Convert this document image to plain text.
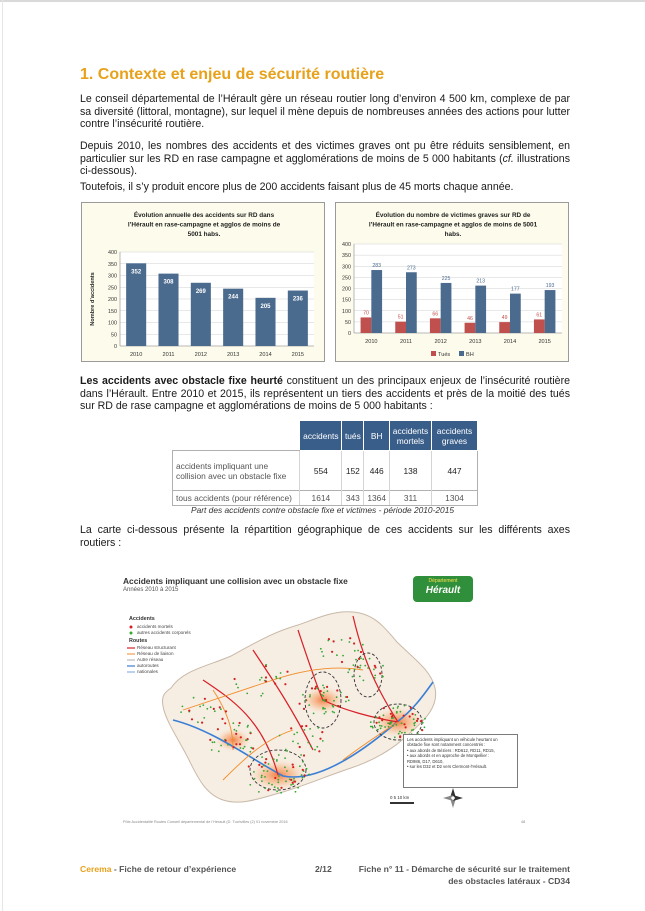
1. Contexte et enjeu de sécurité routière

Le conseil départemental de l’Hérault gère un réseau routier long d’environ 4 500 km, complexe de par sa diversité (littoral, montagne), sur lequel il mène depuis de nombreuses années des actions pour lutter contre l’insécurité routière.

Depuis 2010, les nombres des accidents et des victimes graves ont pu être réduits sensiblement, en particulier sur les RD en rase campagne et agglomérations de moins de 5 000 habitants (cf. illustrations ci-dessous).

Toutefois, il s’y produit encore plus de 200 accidents faisant plus de 45 morts chaque année.

Évolution annuelle des accidents sur RD dans
l’Hérault en rase-campagne et agglos de moins de
5001 habs.
0
50
100
150
200
250
300
350
400
2010
352
2011
308
2012
269
2013
244
2014
205
2015
236
Nombre d’accidents
Évolution du nombre de victimes graves sur RD de
l’Hérault en rase-campagne et agglos de moins de 5001
habs.
0
50
100
150
200
250
300
350
400
2010
70
283
2011
51
273
2012
66
225
2013
46
213
2014
49
177
2015
61
193
Tués	BH

Les accidents avec obstacle fixe heurté constituent un des principaux enjeux de l’insécurité routière dans l’Hérault. Entre 2010 et 2015, ils représentent un tiers des accidents et près de la moitié des tués sur RD de rase campagne et agglomérations de moins de 5 000 habitants :

	accidents	tués	BH	accidents mortels	accidents graves
accidents impliquant une collision avec un obstacle fixe	554	152	446	138	447
tous accidents (pour référence)	1614	343	1364	311	1304
Part des accidents contre obstacle fixe et victimes - période 2010-2015

La carte ci-dessous présente la répartition géographique de ces accidents sur les différents axes routiers :

Accidents impliquant une collision avec un obstacle fixe
Années 2010 à 2015
Accidents
accidents mortels
autres accidents corporels
Routes
Réseau structurant
Réseau de liaison
Autre réseau
autoroutes
nationales
Département
Hérault
Les accidents impliquant un véhicule heurtant un
obstacle fixe sont notamment concentrés :
• aux abords de Béziers : RD612, RD11, RD15,
• aux abords et en approche de Montpellier :
RD986, D17, D610,
• sur les D32 et D2 vers Clermont-l’Hérault.
0 5 10 km
Pôle Accidentalité Routes Conseil départemental de l’Hérault (D. Tuchvilles (2) 01 novembre 2016	48
Cerema - Fiche de retour d’expérience	2/12	Fiche n° 11 - Démarche de sécurité sur le traitement
des obstacles latéraux - CD34
